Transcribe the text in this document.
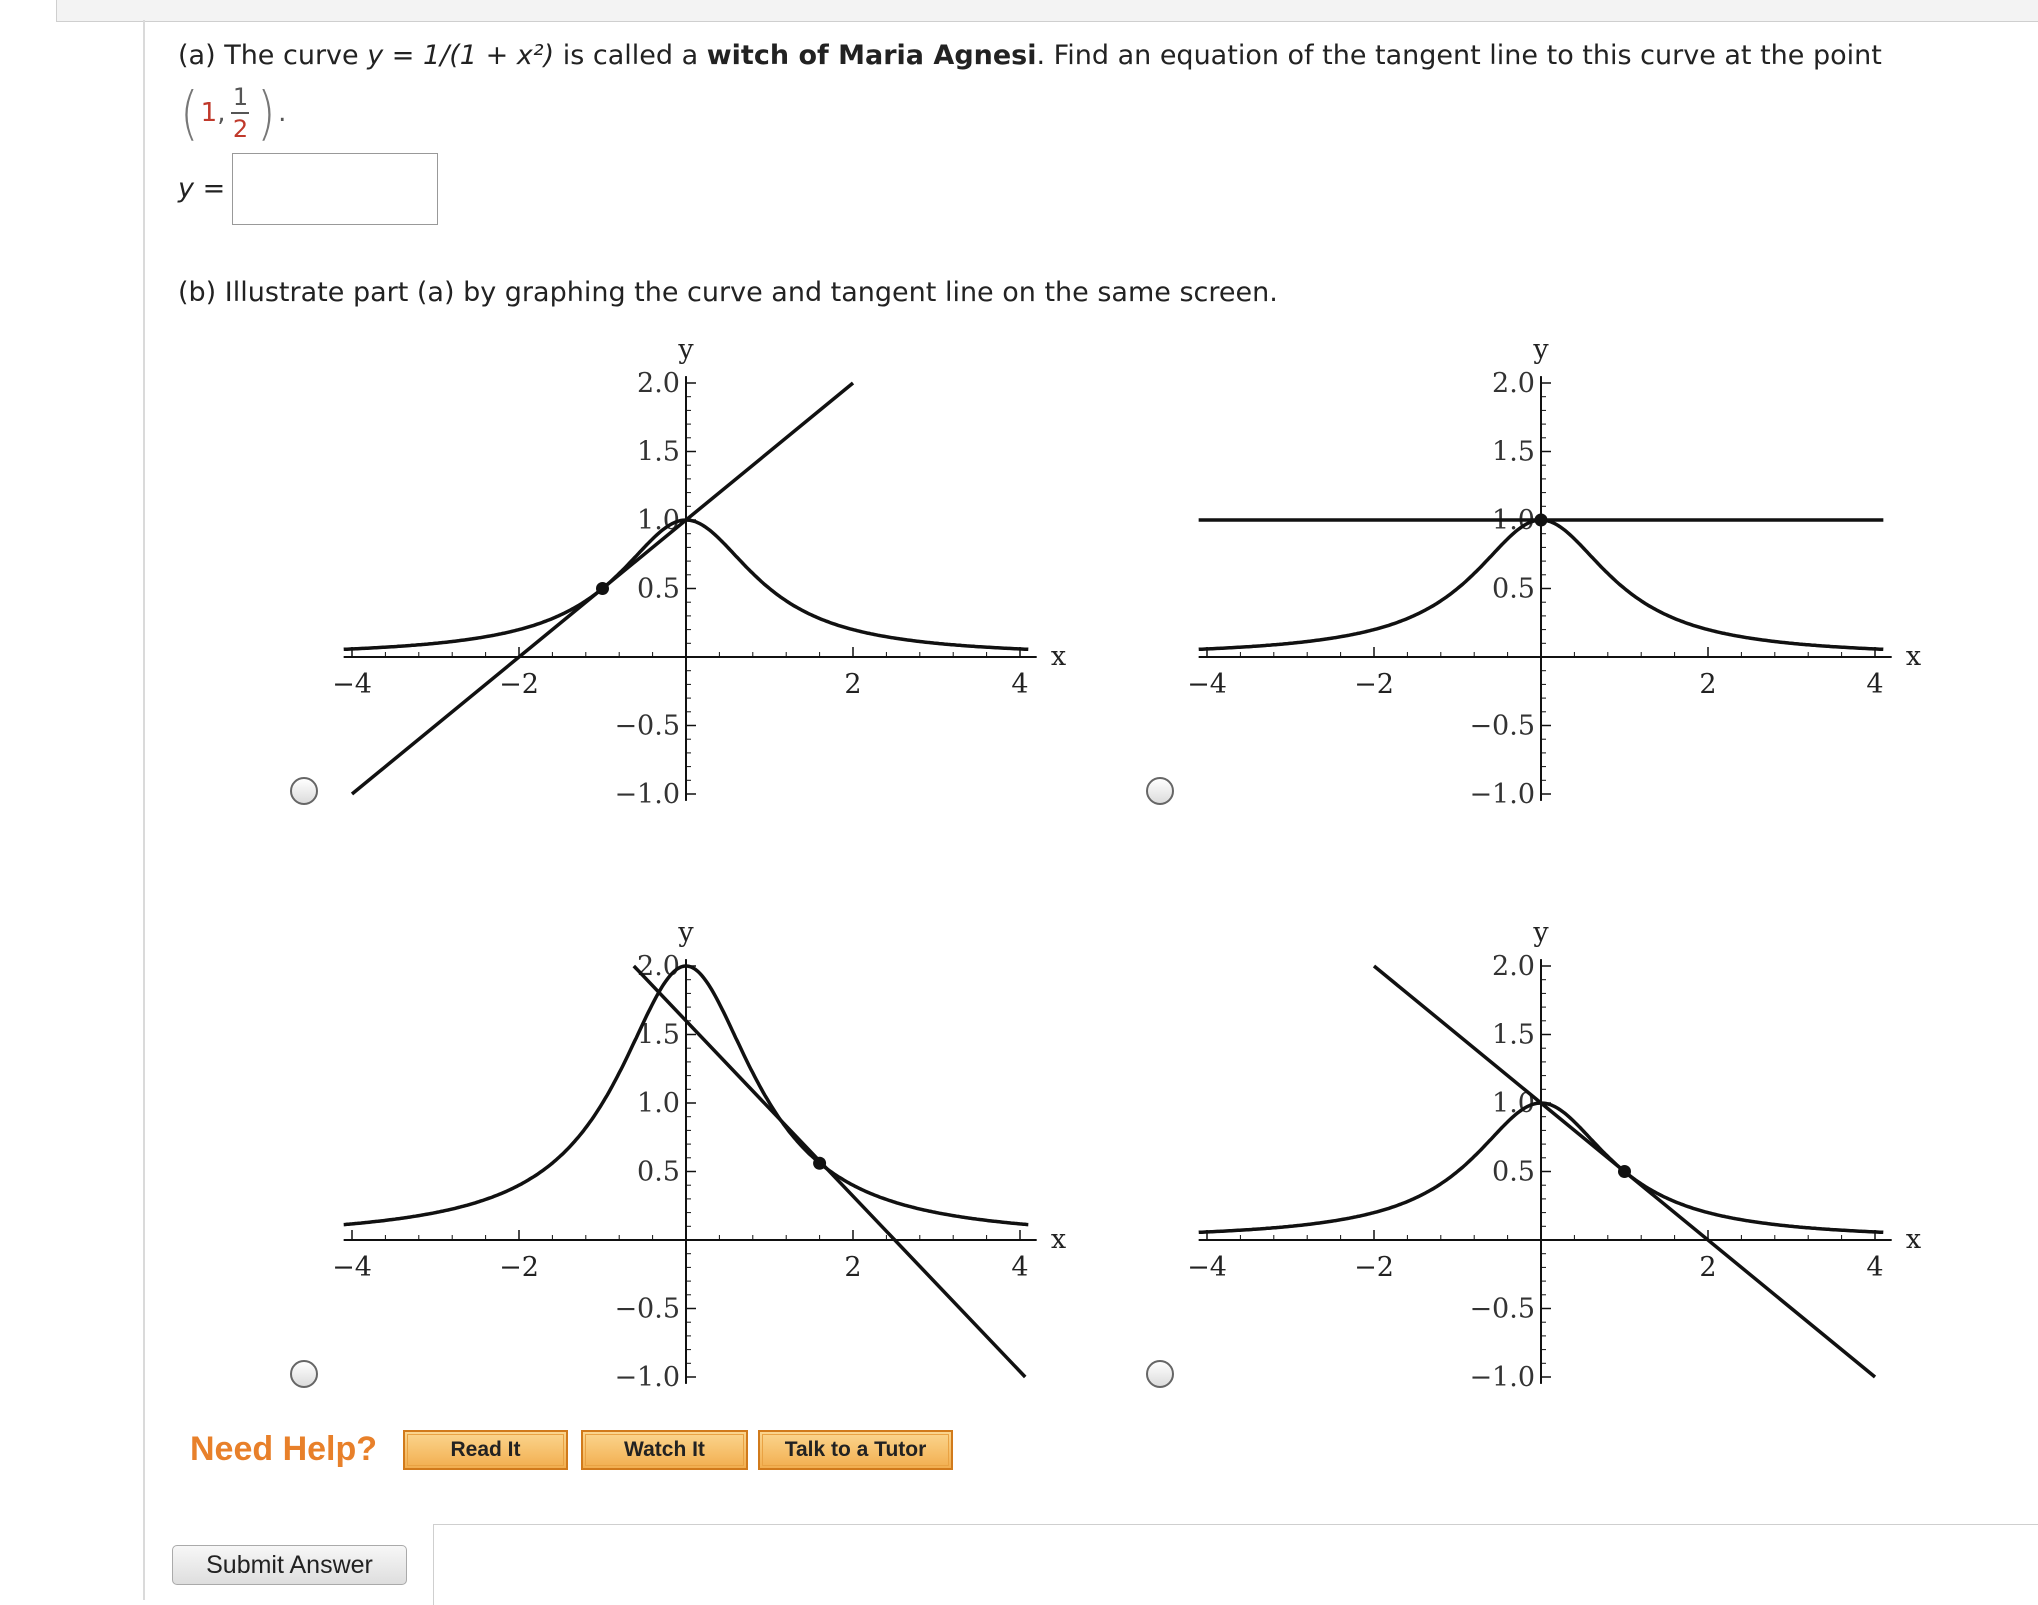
(a) The curve y = 1/(1 + x²) is called a witch of Maria Agnesi. Find an equation of the tangent line to this curve at the point
( 1 , $\frac{1}{2}$ ) .
y =
(b) Illustrate part (a) by graphing the curve and tangent line on the same screen.
−4	−2	2	4
2.0
1.5
1.0
0.5
−0.5
−1.0
x
y
−4	−2	2	4
2.0
1.5
1.0
0.5
−0.5
−1.0
x
y
−4	−2	2	4
2.0
1.5
1.0
0.5
−0.5
−1.0
x
y
−4	−2	2	4
2.0
1.5
1.0
0.5
−0.5
−1.0
x
y
Need Help?	Read It	Watch It	Talk to a Tutor
Submit Answer
